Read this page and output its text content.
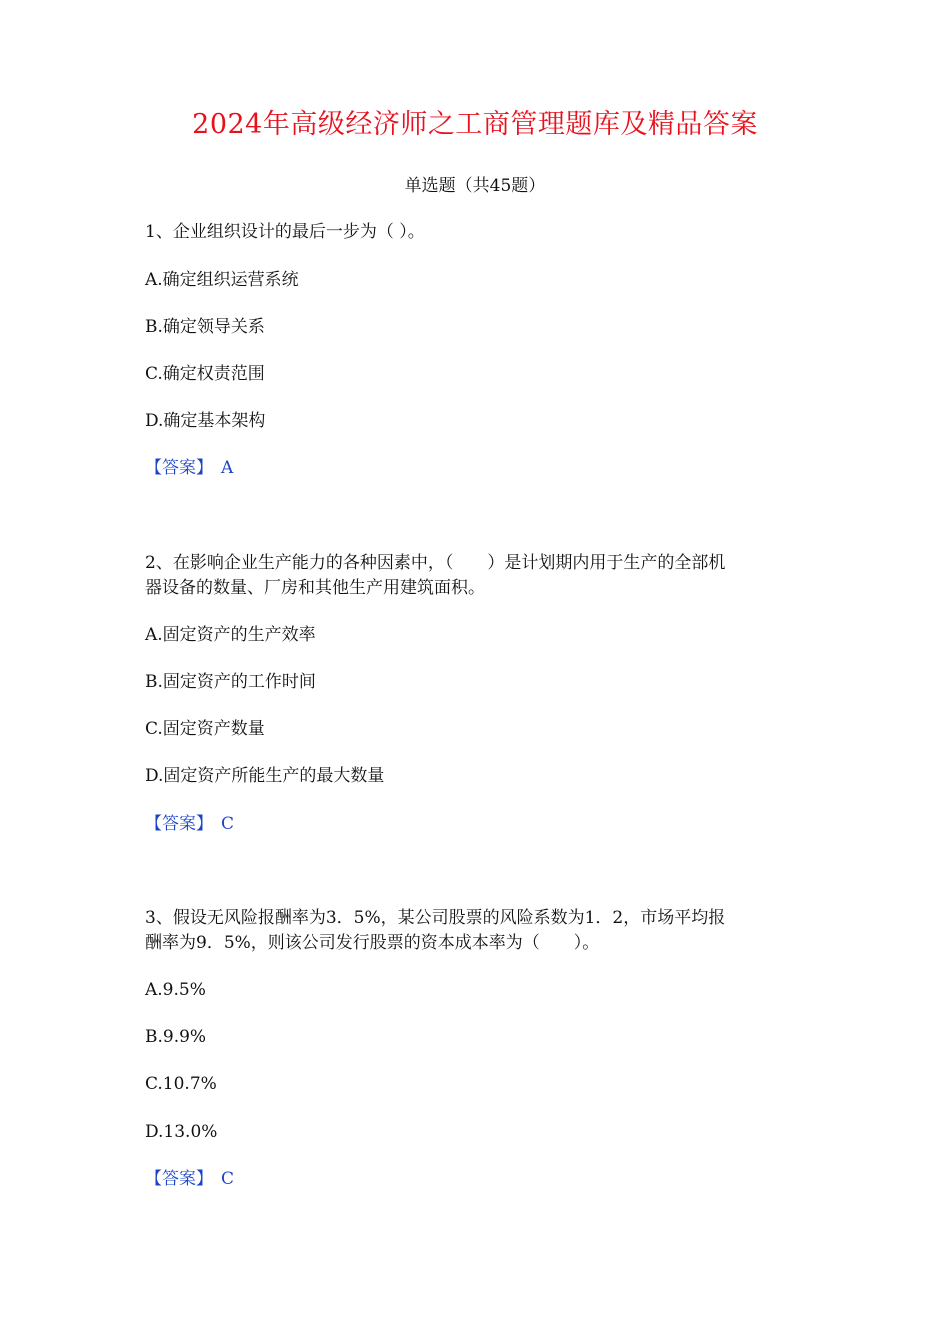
2024年高级经济师之工商管理题库及精品答案
单选题（共45题）
1、企业组织设计的最后一步为（ ）。
A.确定组织运营系统
B.确定领导关系
C.确定权责范围
D.确定基本架构
【答案】 A
2、在影响企业生产能力的各种因素中，（　　）是计划期内用于生产的全部机
器设备的数量、厂房和其他生产用建筑面积。
A.固定资产的生产效率
B.固定资产的工作时间
C.固定资产数量
D.固定资产所能生产的最大数量
【答案】 C
3、假设无风险报酬率为3．5%，某公司股票的风险系数为1．2，市场平均报
酬率为9．5%，则该公司发行股票的资本成本率为（　　）。
A.9.5%
B.9.9%
C.10.7%
D.13.0%
【答案】 C
